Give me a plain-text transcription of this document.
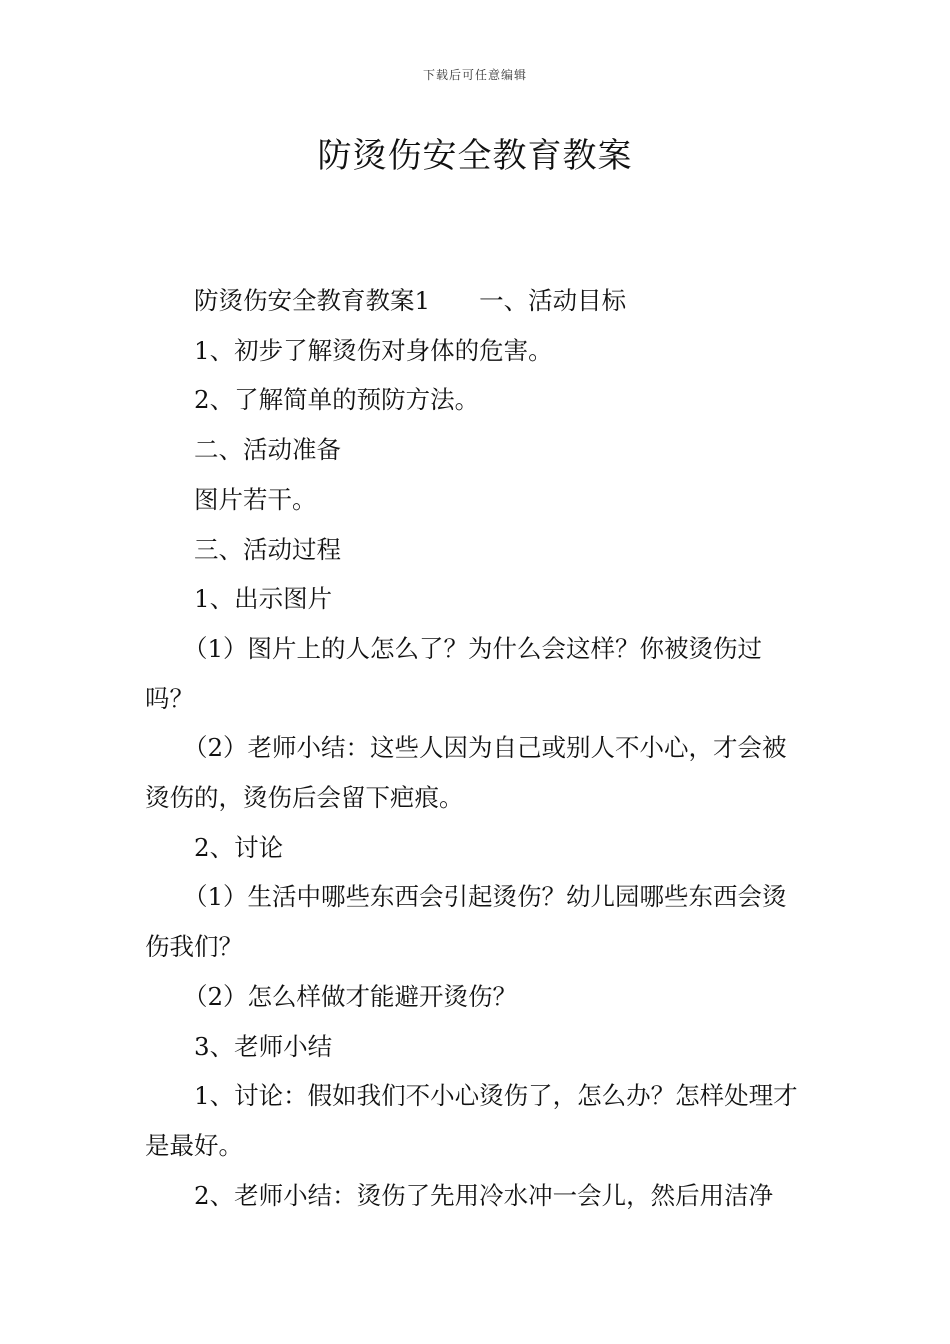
下载后可任意编辑
防烫伤安全教育教案

防烫伤安全教育教案1　　一、活动目标

1、初步了解烫伤对身体的危害。

2、了解简单的预防方法。

二、活动准备

图片若干。

三、活动过程

1、出示图片

（1）图片上的人怎么了？为什么会这样？你被烫伤过吗？

（2）老师小结：这些人因为自己或别人不小心，才会被烫伤的，烫伤后会留下疤痕。

2、讨论

（1）生活中哪些东西会引起烫伤？幼儿园哪些东西会烫伤我们？

（2）怎么样做才能避开烫伤？

3、老师小结

1、讨论：假如我们不小心烫伤了，怎么办？怎样处理才是最好。

2、老师小结：烫伤了先用冷水冲一会儿，然后用洁净
